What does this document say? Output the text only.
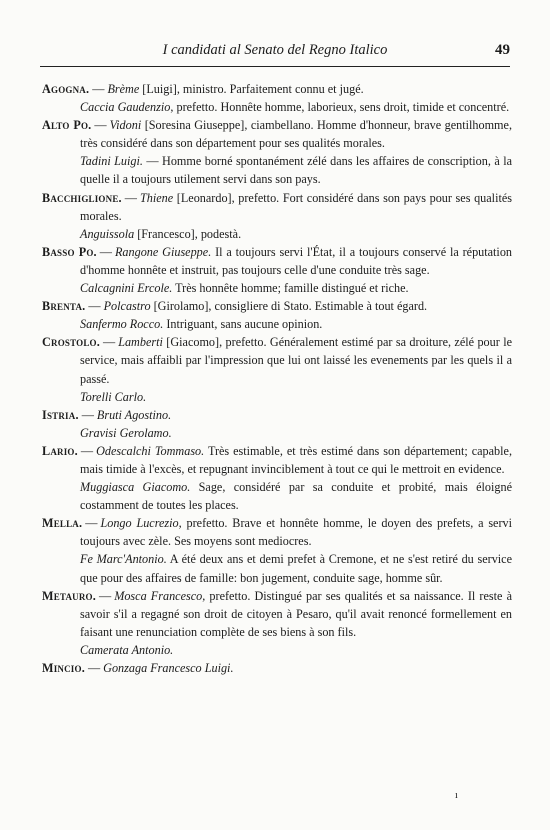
I candidati al Senato del Regno Italico	49
Agogna. — Brème [Luigi], ministro. Parfaitement connu et jugé.
Caccia Gaudenzio, prefetto. Honnête homme, laborieux, sens droit, timide et concentré.
Alto Po. — Vidoni [Soresina Giuseppe], ciambellano. Homme d'honneur, brave gentilhomme, très considéré dans son département pour ses qualités morales.
Tadini Luigi. — Homme borné spontanément zélé dans les affaires de conscription, à la quelle il a toujours utilement servi dans son pays.
Bacchiglione. — Thiene [Leonardo], prefetto. Fort considéré dans son pays pour ses qualités morales.
Anguissola [Francesco], podestà.
Basso Po. — Rangone Giuseppe. Il a toujours servi l'État, il a toujours conservé la réputation d'homme honnête et instruit, pas toujours celle d'une conduite très sage.
Calcagnini Ercole. Très honnête homme; famille distingué et riche.
Brenta. — Polcastro [Girolamo], consigliere di Stato. Estimable à tout égard.
Sanfermo Rocco. Intriguant, sans aucune opinion.
Crostolo. — Lamberti [Giacomo], prefetto. Généralement estimé par sa droiture, zélé pour le service, mais affaibli par l'impression que lui ont laissé les evenements par les quels il a passé.
Torelli Carlo.
Istria. — Bruti Agostino.
Gravisi Gerolamo.
Lario. — Odescalchi Tommaso. Très estimable, et très estimé dans son département; capable, mais timide à l'excès, et repugnant invinciblement à tout ce qui le mettroit en evidence.
Muggiasca Giacomo. Sage, considéré par sa conduite et probité, mais éloigné costamment de toutes les places.
Mella. — Longo Lucrezio, prefetto. Brave et honnête homme, le doyen des prefets, a servi toujours avec zèle. Ses moyens sont mediocres.
Fe Marc'Antonio. A été deux ans et demi prefet à Cremone, et ne s'est retiré du service que pour des affaires de famille: bon jugement, conduite sage, homme sûr.
Metauro. — Mosca Francesco, prefetto. Distingué par ses qualités et sa naissance. Il reste à savoir s'il a regagné son droit de citoyen à Pesaro, qu'il avait renoncé formellement en faisant une renunciation complète de ses biens à son fils.
Camerata Antonio.
Mincio. — Gonzaga Francesco Luigi.
ı
